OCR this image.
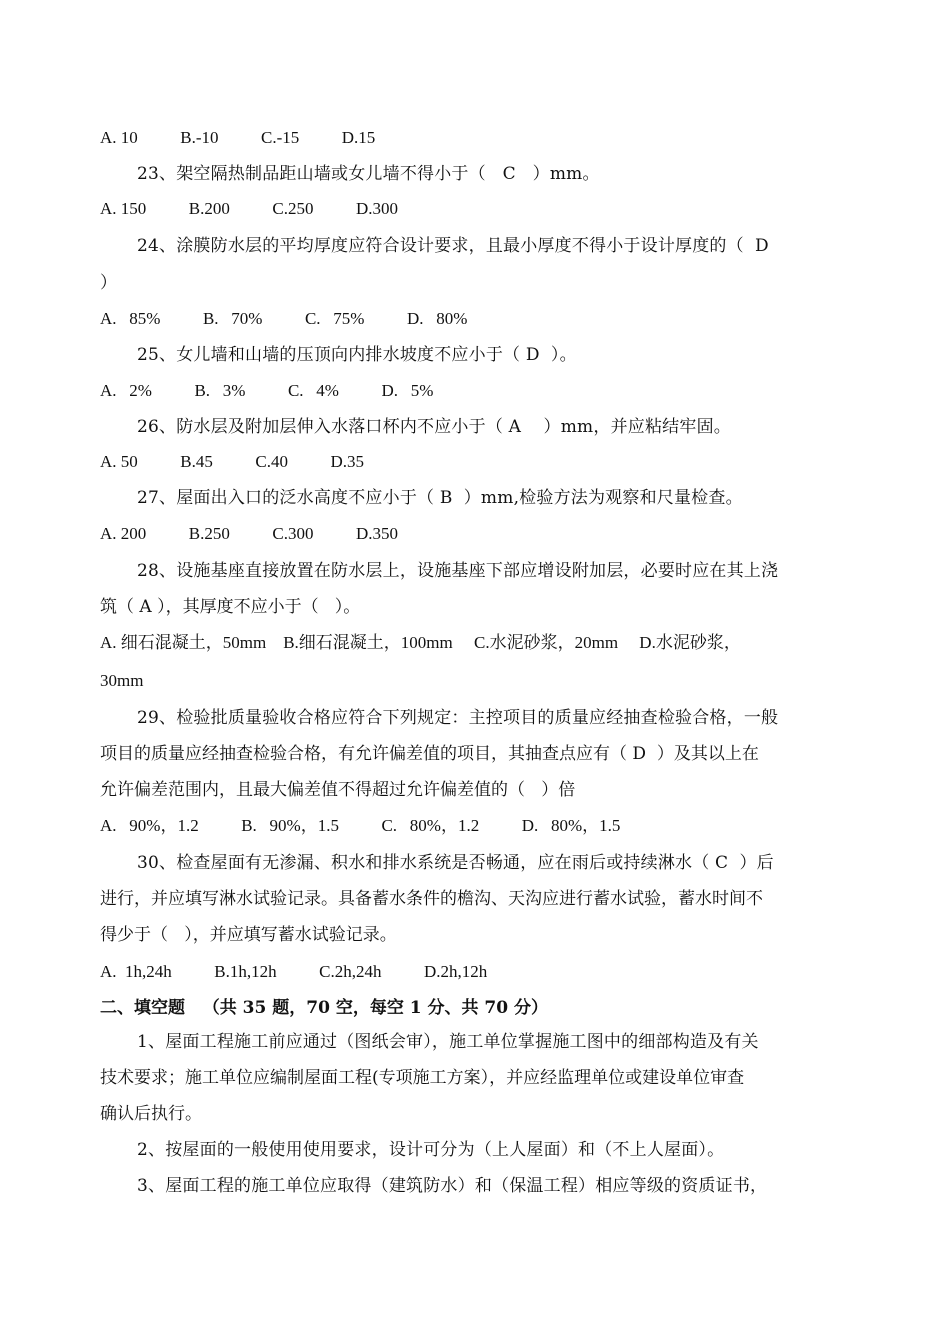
A. 10          B.-10          C.-15          D.15
23、架空隔热制品距山墙或女儿墙不得小于（   C   ）mm。
A. 150          B.200          C.250          D.300
24、涂膜防水层的平均厚度应符合设计要求，且最小厚度不得小于设计厚度的（  D
）
A.   85%          B.   70%          C.   75%          D.   80%
25、女儿墙和山墙的压顶向内排水坡度不应小于（ D  ）。
A.   2%          B.   3%          C.   4%          D.   5%
26、防水层及附加层伸入水落口杯内不应小于（ A    ）mm，并应粘结牢固。
A. 50          B.45          C.40          D.35
27、屋面出入口的泛水高度不应小于（ B  ）mm,检验方法为观察和尺量检查。
A. 200          B.250          C.300          D.350
28、设施基座直接放置在防水层上，设施基座下部应增设附加层，必要时应在其上浇
筑（ A ），其厚度不应小于（   ）。
A. 细石混凝土，50mm    B.细石混凝土，100mm     C.水泥砂浆，20mm     D.水泥砂浆，
30mm
29、检验批质量验收合格应符合下列规定：主控项目的质量应经抽查检验合格，一般
项目的质量应经抽查检验合格，有允许偏差值的项目，其抽查点应有（ D  ）及其以上在
允许偏差范围内，且最大偏差值不得超过允许偏差值的（   ）倍
A.   90%，1.2          B.   90%，1.5          C.   80%，1.2          D.   80%，1.5
30、检查屋面有无渗漏、积水和排水系统是否畅通，应在雨后或持续淋水（ C  ）后
进行，并应填写淋水试验记录。具备蓄水条件的檐沟、天沟应进行蓄水试验，蓄水时间不
得少于（   ），并应填写蓄水试验记录。
A.  1h,24h          B.1h,12h          C.2h,24h          D.2h,12h
二、填空题   （共 35 题，70 空，每空 1 分、共 70 分）
1、屋面工程施工前应通过（图纸会审），施工单位掌握施工图中的细部构造及有关
技术要求；施工单位应编制屋面工程(专项施工方案），并应经监理单位或建设单位审查
确认后执行。
2、按屋面的一般使用使用要求，设计可分为（上人屋面）和（不上人屋面）。
3、屋面工程的施工单位应取得（建筑防水）和（保温工程）相应等级的资质证书，
